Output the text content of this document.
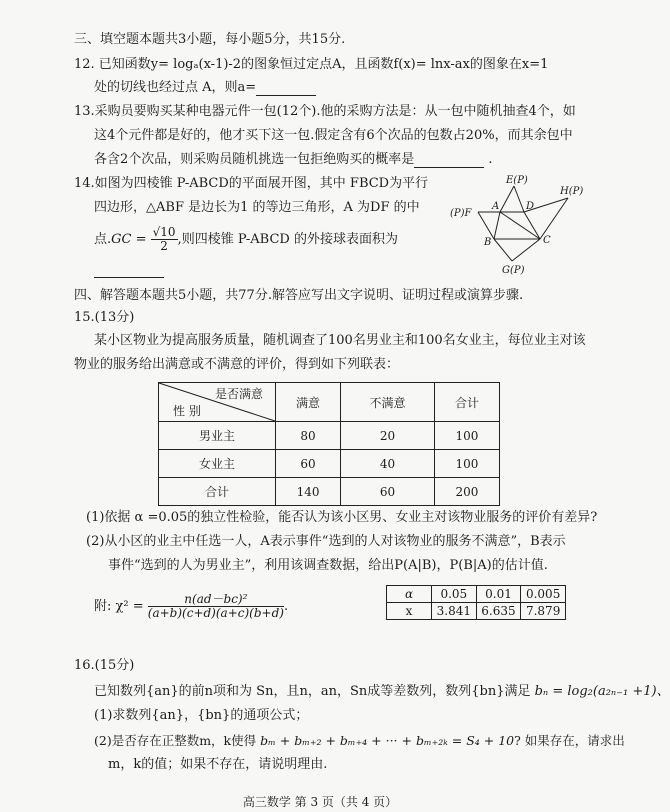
三、填空题本题共3小题，每小题5分，共15分.
12. 已知函数y= logₐ(x-1)-2的图象恒过定点A，且函数f(x)= lnx-ax的图象在x=1
处的切线也经过点 A，则a=
13.采购员要购买某种电器元件一包(12个).他的采购方法是：从一包中随机抽查4个，如
这4个元件都是好的，他才买下这一包.假定含有6个次品的包数占20%，而其余包中
各含2个次品，则采购员随机挑选一包拒绝购买的概率是	.
14.如图为四棱锥 P-ABCD的平面展开图，其中 FBCD为平行
四边形，△ABF 是边长为1 的等边三角形，A 为DF 的中
点$.GC = \frac{√10}{2}$ ,则四棱锥 P-ABCD 的外接球表面积为
E(P)
H(P)
(P)F
A	D
B	C
G(P)
四、解答题本题共5小题，共77分.解答应写出文字说明、证明过程或演算步骤.
15.(13分)
某小区物业为提高服务质量，随机调查了100名男业主和100名女业主，每位业主对该
物业的服务给出满意或不满意的评价，得到如下列联表：
是否满意
性 别	满意	不满意	合计
男业主	80	20	100
女业主	60	40	100
合计	140	60	200
(1)依据 α =0.05的独立性检验，能否认为该小区男、女业主对该物业服务的评价有差异?
(2)从小区的业主中任选一人，A表示事件“选到的人对该物业的服务不满意”，B表示
事件“选到的人为男业主”，利用该调查数据，给出P(A|B)，P(B|A)的估计值.
附: $\chi^2 = \frac{\text{n(ad－bc)²}}{(a+b)(c+d)(a+c)(b+d)}$ .
α	0.05	0.01	0.005
x	3.841	6.635	7.879
16.(15分)
已知数列{an}的前n项和为 Sn，且n，an，Sn成等差数列，数列{bn}满足 bₙ = log₂(a₂ₙ₋₁ +1)、
(1)求数列{an}，{bn}的通项公式；
(2)是否存在正整数m，k使得 bₘ + bₘ₊₂ + bₘ₊₄ + ··· + bₘ₊₂ₖ = S₄ + 10? 如果存在，请求出
m，k的值；如果不存在，请说明理由.
高三数学 第 3 页（共 4 页）
